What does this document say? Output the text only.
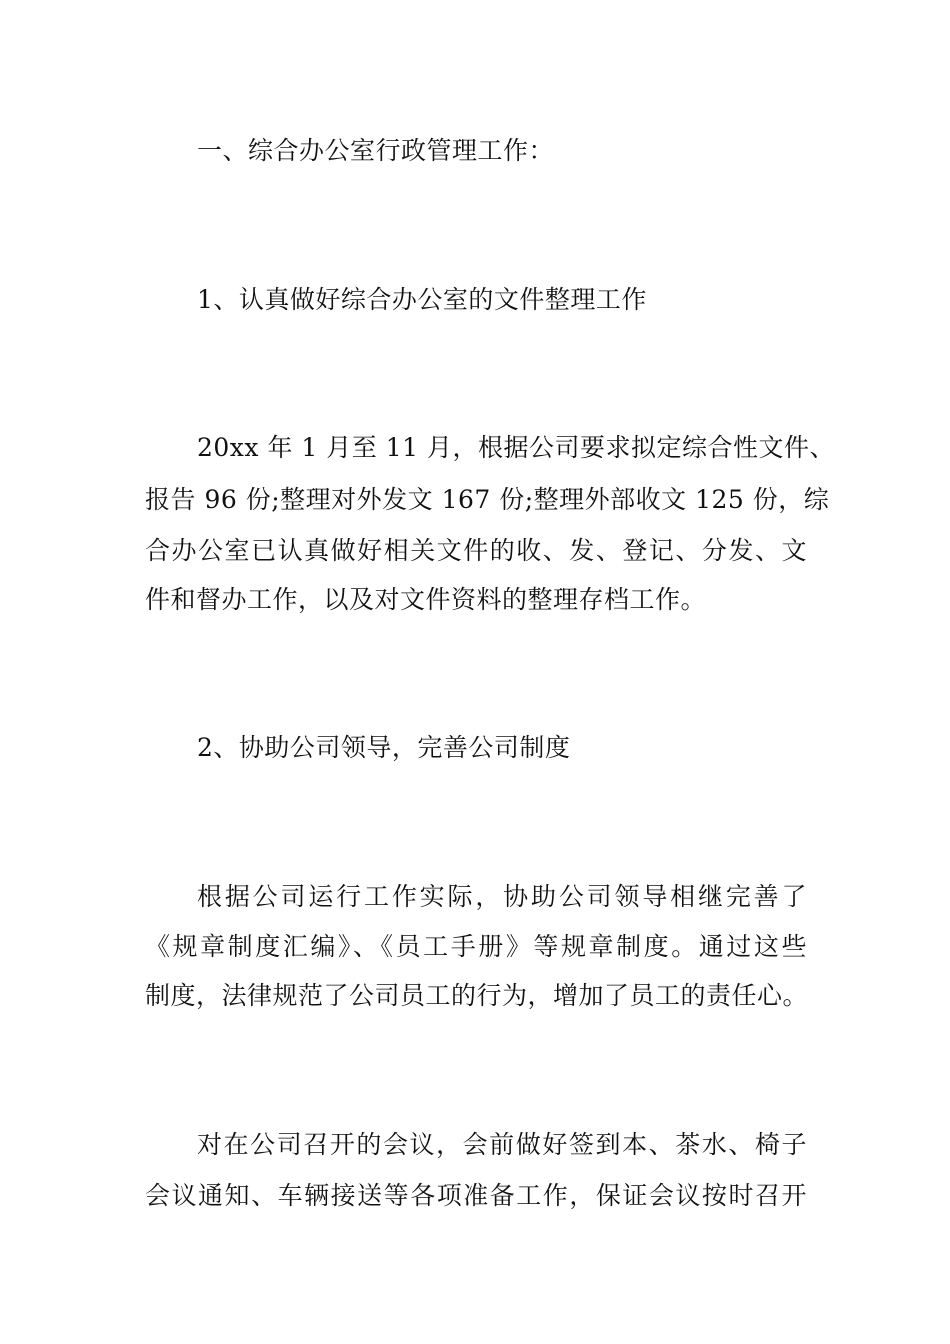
一、综合办公室行政管理工作：
1、认真做好综合办公室的文件整理工作
20xx 年 1 月至 11 月，根据公司要求拟定综合性文件、
报告 96 份;整理对外发文 167 份;整理外部收文 125 份，综
合办公室已认真做好相关文件的收、发、登记、分发、文
件和督办工作，以及对文件资料的整理存档工作。
2、协助公司领导，完善公司制度
根据公司运行工作实际，协助公司领导相继完善了
《规章制度汇编》、《员工手册》等规章制度。通过这些
制度，法律规范了公司员工的行为，增加了员工的责任心。
对在公司召开的会议，会前做好签到本、茶水、椅子
会议通知、车辆接送等各项准备工作，保证会议按时召开
